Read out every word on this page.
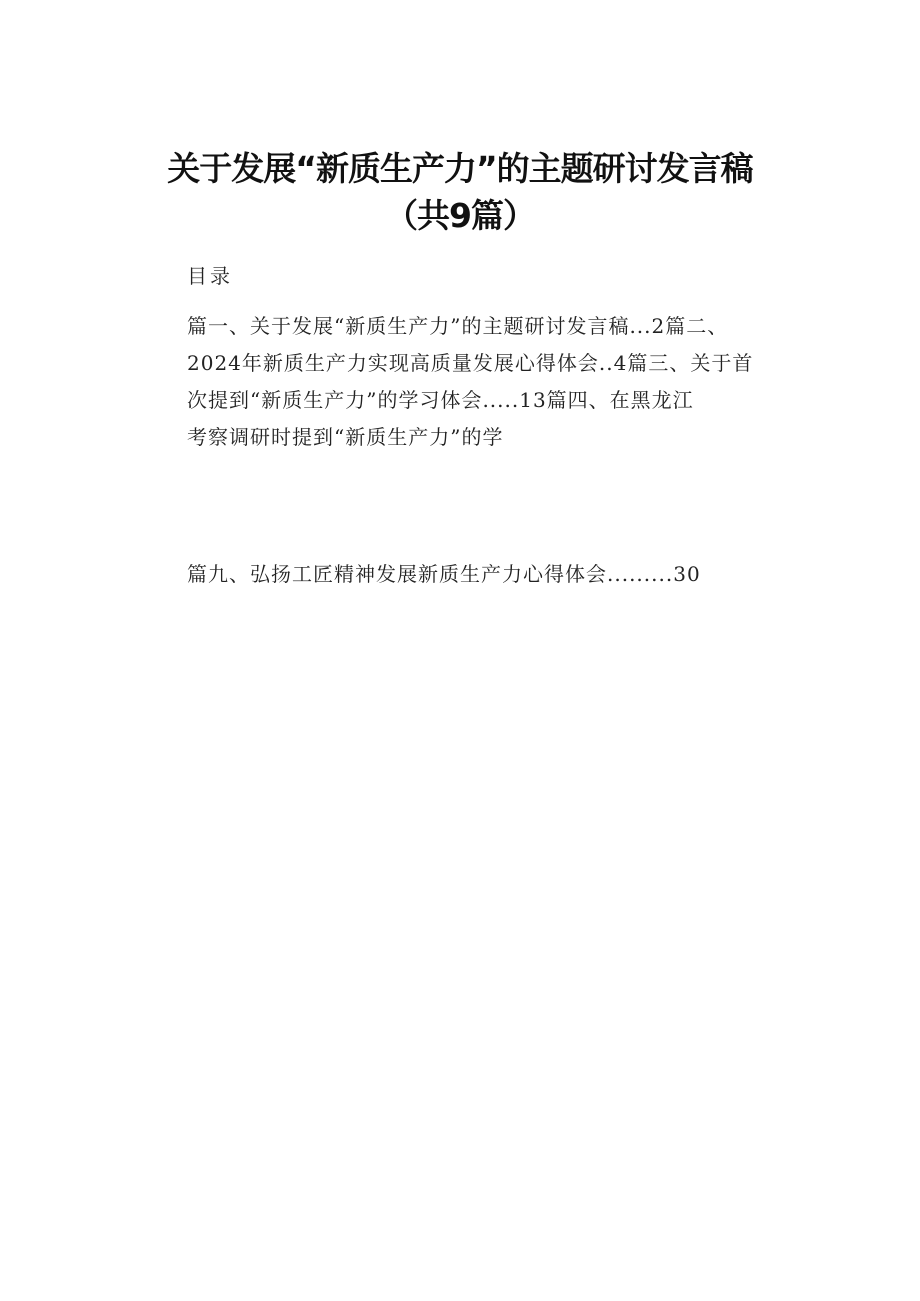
关于发展“新质生产力”的主题研讨发言稿
（共9篇）
目录
篇一、关于发展“新质生产力”的主题研讨发言稿...2篇二、
2024年新质生产力实现高质量发展心得体会..4篇三、关于首
次提到“新质生产力”的学习体会.....13篇四、在黑龙江
考察调研时提到“新质生产力”的学
篇九、弘扬工匠精神发展新质生产力心得体会.........30
